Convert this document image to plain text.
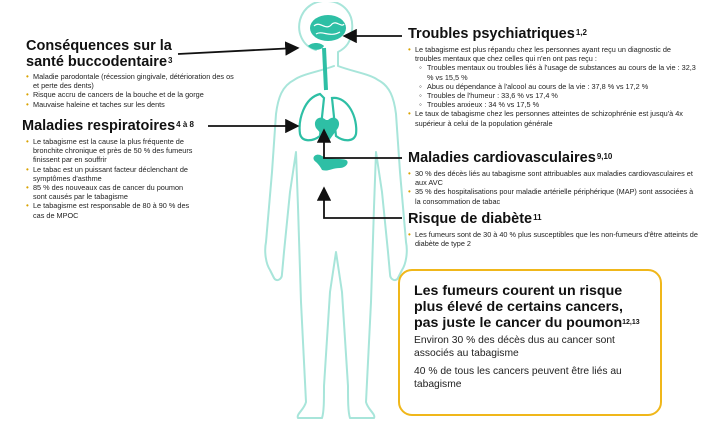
Conséquences sur la
santé buccodentaire$^3$
• Maladie parodontale (récession gingivale, détérioration des os et perte des dents)
• Risque accru de cancers de la bouche et de la gorge
• Mauvaise haleine et taches sur les dents
Maladies respiratoires$^{4 à 8}$
• Le tabagisme est la cause la plus fréquente de bronchite chronique et près de 50 % des fumeurs finissent par en souffrir
• Le tabac est un puissant facteur déclenchant de symptômes d'asthme
• 85 % des nouveaux cas de cancer du poumon sont causés par le tabagisme
• Le tabagisme est responsable de 80 à 90 % des cas de MPOC
Troubles psychiatriques$^{1,2}$
• Le tabagisme est plus répandu chez les personnes ayant reçu un diagnostic de troubles mentaux que chez celles qui n'en ont pas reçu :
◦ Troubles mentaux ou troubles liés à l'usage de substances au cours de la vie : 32,3 % vs 15,5 %
◦ Abus ou dépendance à l'alcool au cours de la vie : 37,8 % vs 17,2 %
◦ Troubles de l'humeur : 33,6 % vs 17,4 %
◦ Troubles anxieux : 34 % vs 17,5 %
• Le taux de tabagisme chez les personnes atteintes de schizophrénie est jusqu'à 4x supérieur à celui de la population générale
Maladies cardiovasculaires$^{9,10}$
• 30 % des décès liés au tabagisme sont attribuables aux maladies cardiovasculaires et aux AVC
• 35 % des hospitalisations pour maladie artérielle périphérique (MAP) sont associées à la consommation de tabac
Risque de diabète$^{11}$
• Les fumeurs sont de 30 à 40 % plus susceptibles que les non-fumeurs d'être atteints de diabète de type 2
Les fumeurs courent un risque
plus élevé de certains cancers,
pas juste le cancer du poumon$^{12,13}$

Environ 30 % des décès dus au cancer sont associés au tabagisme

40 % de tous les cancers peuvent être liés au tabagisme
